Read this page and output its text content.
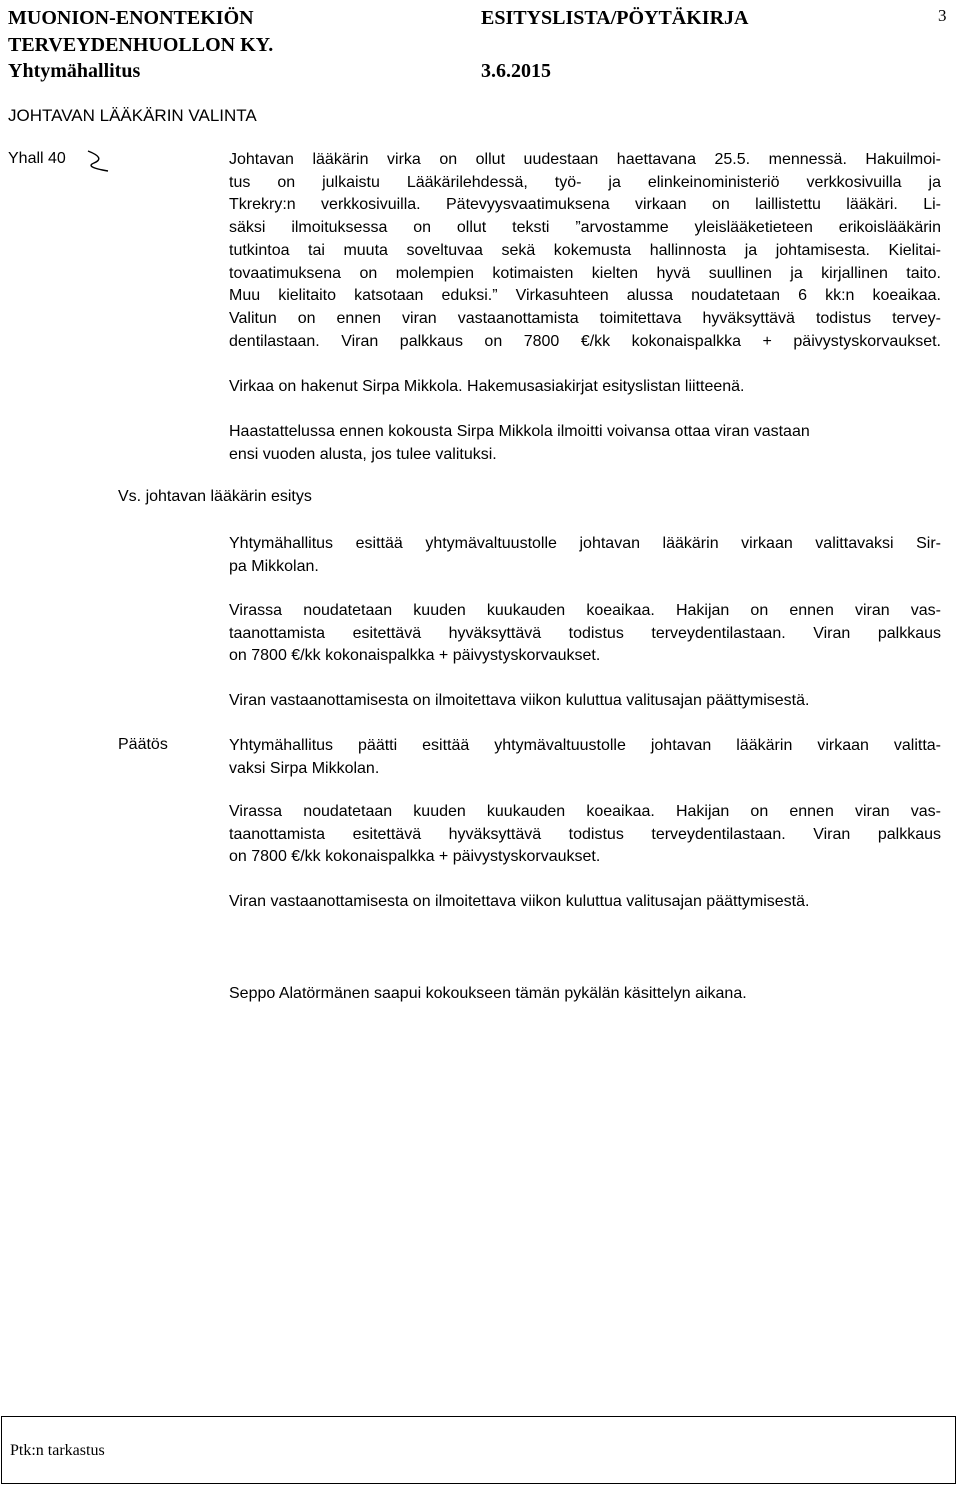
MUONION-ENONTEKIÖN
TERVEYDENHUOLLON KY.
Yhtymähallitus
ESITYSLISTA/PÖYTÄKIRJA
3.6.2015
3
JOHTAVAN LÄÄKÄRIN VALINTA
Yhall 40	Johtavan lääkärin virka on ollut uudestaan haettavana 25.5. mennessä. Hakuilmoi-
tus on julkaistu Lääkärilehdessä, työ- ja elinkeinoministeriö verkkosivuilla ja
Tkrekry:n verkkosivuilla. Pätevyysvaatimuksena virkaan on laillistettu lääkäri. Li-
säksi ilmoituksessa on ollut teksti ”arvostamme yleislääketieteen erikoislääkärin
tutkintoa tai muuta soveltuvaa sekä kokemusta hallinnosta ja johtamisesta. Kielitai-
tovaatimuksena on molempien kotimaisten kielten hyvä suullinen ja kirjallinen taito.
Muu kielitaito katsotaan eduksi.” Virkasuhteen alussa noudatetaan 6 kk:n koeaikaa.
Valitun on ennen viran vastaanottamista toimitettava hyväksyttävä todistus tervey-
dentilastaan. Viran palkkaus on 7800 €/kk kokonaispalkka + päivystyskorvaukset.
Virkaa on hakenut Sirpa Mikkola. Hakemusasiakirjat esityslistan liitteenä.
Haastattelussa ennen kokousta Sirpa Mikkola ilmoitti voivansa ottaa viran vastaan
ensi vuoden alusta, jos tulee valituksi.
Vs. johtavan lääkärin esitys
Yhtymähallitus esittää yhtymävaltuustolle johtavan lääkärin virkaan valittavaksi Sir-
pa Mikkolan.
Virassa noudatetaan kuuden kuukauden koeaikaa. Hakijan on ennen viran vas-
taanottamista esitettävä hyväksyttävä todistus terveydentilastaan. Viran palkkaus
on 7800 €/kk kokonaispalkka + päivystyskorvaukset.
Viran vastaanottamisesta on ilmoitettava viikon kuluttua valitusajan päättymisestä.
Päätös	Yhtymähallitus päätti esittää yhtymävaltuustolle johtavan lääkärin virkaan valitta-
vaksi Sirpa Mikkolan.
Virassa noudatetaan kuuden kuukauden koeaikaa. Hakijan on ennen viran vas-
taanottamista esitettävä hyväksyttävä todistus terveydentilastaan. Viran palkkaus
on 7800 €/kk kokonaispalkka + päivystyskorvaukset.
Viran vastaanottamisesta on ilmoitettava viikon kuluttua valitusajan päättymisestä.
Seppo Alatörmänen saapui kokoukseen tämän pykälän käsittelyn aikana.
Ptk:n tarkastus
